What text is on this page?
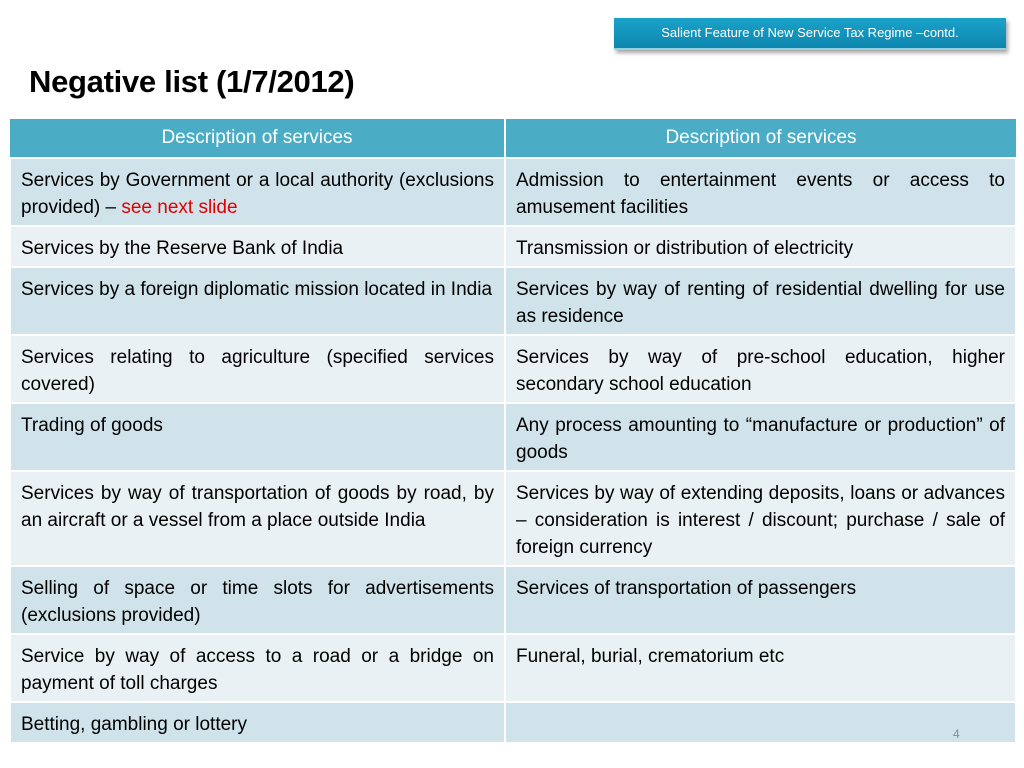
Salient Feature of New Service Tax Regime –contd.
Negative list (1/7/2012)
Description of services	Description of services
Services by Government or a local authority (exclusions provided) – see next slide	Admission to entertainment events or access to amusement facilities
Services by the Reserve Bank of India	Transmission or distribution of electricity
Services by a foreign diplomatic mission located in India	Services by way of renting of residential dwelling for use as residence
Services relating to agriculture (specified services covered)	Services by way of pre-school education, higher secondary school education
Trading of goods	Any process amounting to “manufacture or production” of goods
Services by way of transportation of goods by road, by an aircraft or a vessel from a place outside India	Services by way of extending deposits, loans or advances – consideration is interest / discount; purchase / sale of foreign currency
Selling of space or time slots for advertisements (exclusions provided)	Services of transportation of passengers
Service by way of access to a road or a bridge on payment of toll charges	Funeral, burial, crematorium etc
Betting, gambling or lottery		4
